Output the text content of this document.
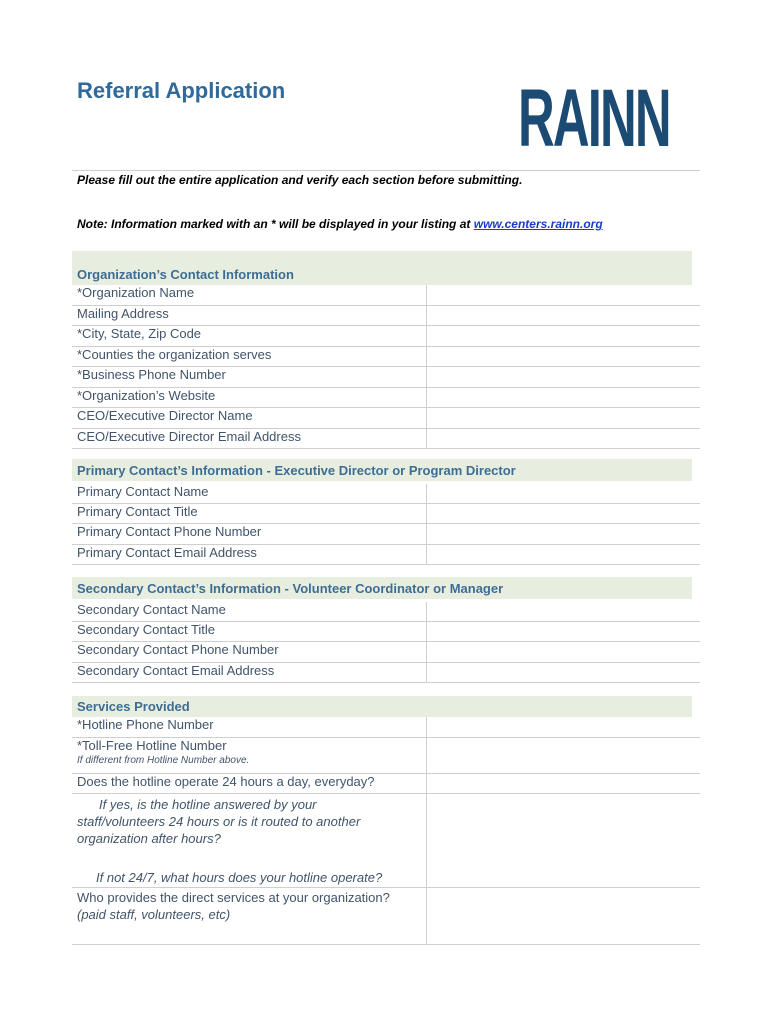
Referral Application	RAINN
Please fill out the entire application and verify each section before submitting.
Note: Information marked with an * will be displayed in your listing at www.centers.rainn.org
Organization’s Contact Information
*Organization Name
Mailing Address
*City, State, Zip Code
*Counties the organization serves
*Business Phone Number
*Organization’s Website
CEO/Executive Director Name
CEO/Executive Director Email Address
Primary Contact’s Information - Executive Director or Program Director
Primary Contact Name
Primary Contact Title
Primary Contact Phone Number
Primary Contact Email Address
Secondary Contact’s Information - Volunteer Coordinator or Manager
Secondary Contact Name
Secondary Contact Title
Secondary Contact Phone Number
Secondary Contact Email Address
Services Provided
*Hotline Phone Number
*Toll-Free Hotline Number
If different from Hotline Number above.
Does the hotline operate 24 hours a day, everyday?
If yes, is the hotline answered by your staff/volunteers 24 hours or is it routed to another organization after hours?
If not 24/7, what hours does your hotline operate?
Who provides the direct services at your organization?
(paid staff, volunteers, etc)
